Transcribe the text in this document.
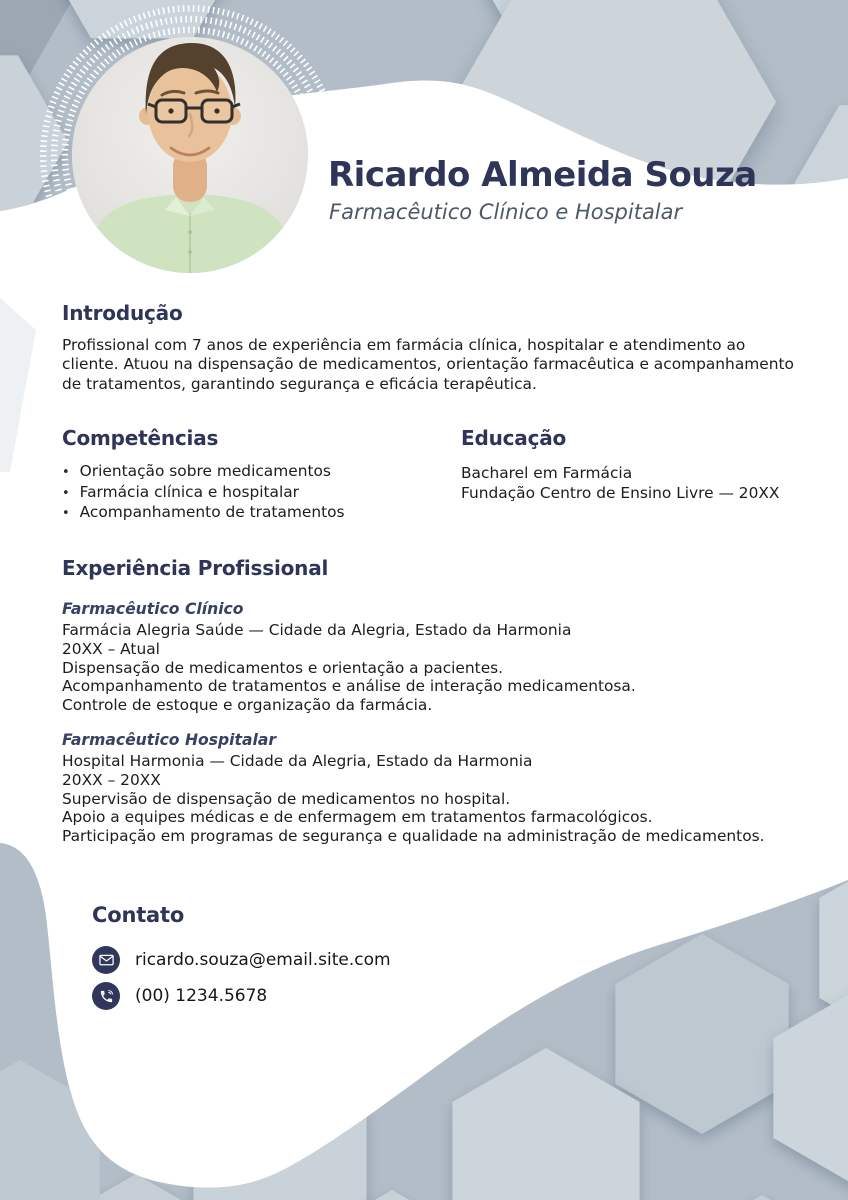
Ricardo Almeida Souza
Farmacêutico Clínico e Hospitalar
Introdução
Profissional com 7 anos de experiência em farmácia clínica, hospitalar e atendimento ao cliente. Atuou na dispensação de medicamentos, orientação farmacêutica e acompanhamento de tratamentos, garantindo segurança e eficácia terapêutica.
Competências
• Orientação sobre medicamentos
• Farmácia clínica e hospitalar
• Acompanhamento de tratamentos
Educação
Bacharel em Farmácia
Fundação Centro de Ensino Livre — 20XX
Experiência Profissional
Farmacêutico Clínico
Farmácia Alegria Saúde — Cidade da Alegria, Estado da Harmonia
20XX – Atual
Dispensação de medicamentos e orientação a pacientes.
Acompanhamento de tratamentos e análise de interação medicamentosa.
Controle de estoque e organização da farmácia.
Farmacêutico Hospitalar
Hospital Harmonia — Cidade da Alegria, Estado da Harmonia
20XX – 20XX
Supervisão de dispensação de medicamentos no hospital.
Apoio a equipes médicas e de enfermagem em tratamentos farmacológicos.
Participação em programas de segurança e qualidade na administração de medicamentos.
Contato
ricardo.souza@email.site.com
(00) 1234.5678
